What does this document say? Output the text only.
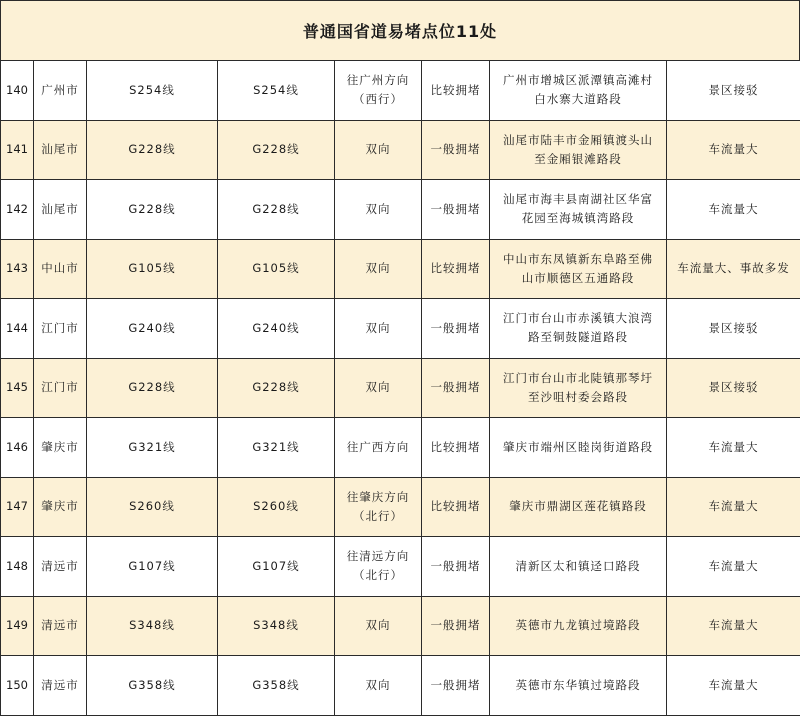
普通国省道易堵点位11处
140	广州市	S254线	S254线	往广州方向（西行）	比较拥堵	广州市增城区派潭镇高滩村白水寨大道路段	景区接驳
141	汕尾市	G228线	G228线	双向	一般拥堵	汕尾市陆丰市金厢镇渡头山至金厢银滩路段	车流量大
142	汕尾市	G228线	G228线	双向	一般拥堵	汕尾市海丰县南湖社区华富花园至海城镇湾路段	车流量大
143	中山市	G105线	G105线	双向	比较拥堵	中山市东凤镇新东阜路至佛山市顺德区五通路段	车流量大、事故多发
144	江门市	G240线	G240线	双向	一般拥堵	江门市台山市赤溪镇大浪湾路至铜鼓隧道路段	景区接驳
145	江门市	G228线	G228线	双向	一般拥堵	江门市台山市北陡镇那琴圩至沙咀村委会路段	景区接驳
146	肇庆市	G321线	G321线	往广西方向	比较拥堵	肇庆市端州区睦岗街道路段	车流量大
147	肇庆市	S260线	S260线	往肇庆方向（北行）	比较拥堵	肇庆市鼎湖区莲花镇路段	车流量大
148	清远市	G107线	G107线	往清远方向（北行）	一般拥堵	清新区太和镇迳口路段	车流量大
149	清远市	S348线	S348线	双向	一般拥堵	英德市九龙镇过境路段	车流量大
150	清远市	G358线	G358线	双向	一般拥堵	英德市东华镇过境路段	车流量大
